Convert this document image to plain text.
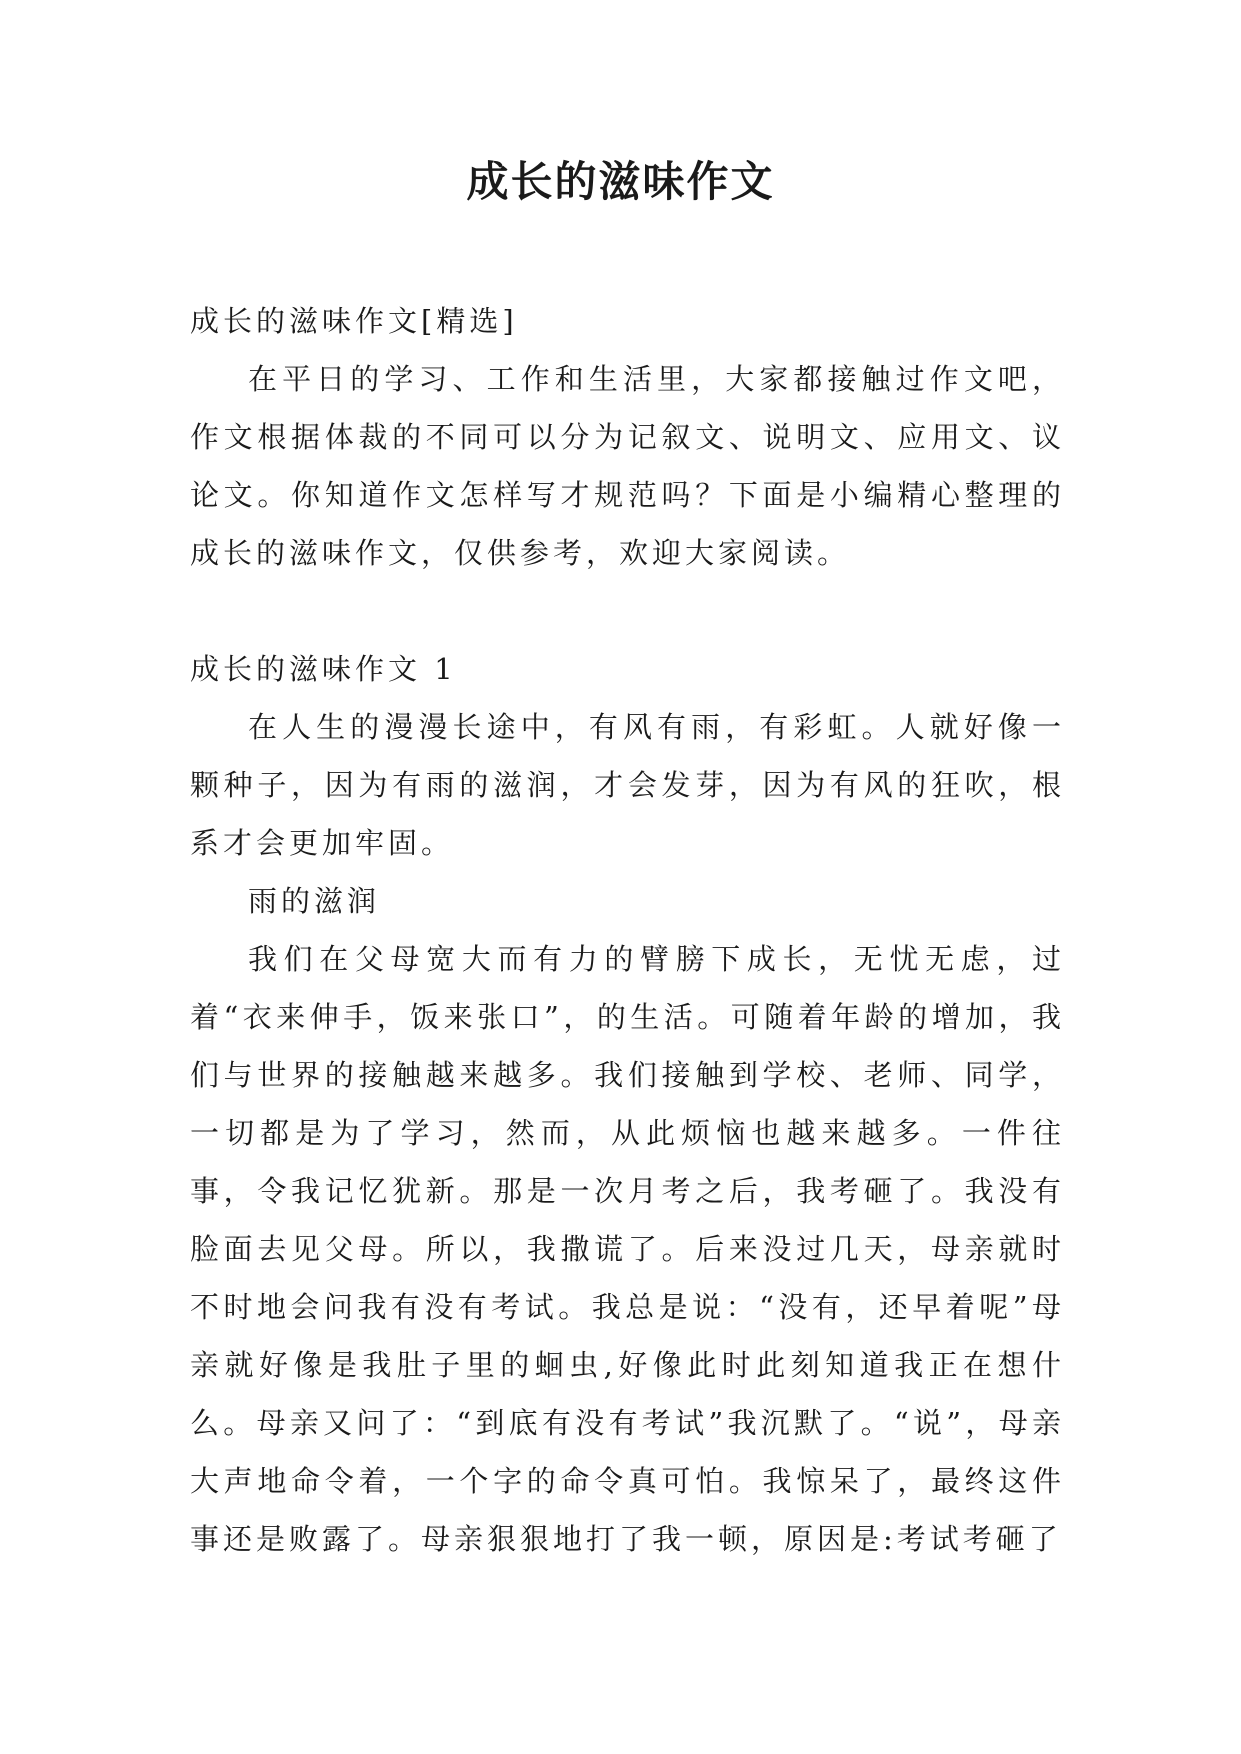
成长的滋味作文

成长的滋味作文[精选]

在平日的学习、工作和生活里，大家都接触过作文吧，作文根据体裁的不同可以分为记叙文、说明文、应用文、议论文。你知道作文怎样写才规范吗？下面是小编精心整理的成长的滋味作文，仅供参考，欢迎大家阅读。

成长的滋味作文 1

在人生的漫漫长途中，有风有雨，有彩虹。人就好像一颗种子，因为有雨的滋润，才会发芽，因为有风的狂吹，根系才会更加牢固。

雨的滋润

我们在父母宽大而有力的臂膀下成长，无忧无虑，过着“衣来伸手，饭来张口”，的生活。可随着年龄的增加，我们与世界的接触越来越多。我们接触到学校、老师、同学，一切都是为了学习，然而，从此烦恼也越来越多。一件往事，令我记忆犹新。那是一次月考之后，我考砸了。我没有脸面去见父母。所以，我撒谎了。后来没过几天，母亲就时不时地会问我有没有考试。我总是说：“没有，还早着呢”母亲就好像是我肚子里的蛔虫,好像此时此刻知道我正在想什么。母亲又问了：“到底有没有考试”我沉默了。“说”，母亲大声地命令着，一个字的命令真可怕。我惊呆了，最终这件事还是败露了。母亲狠狠地打了我一顿，原因是:考试考砸了
